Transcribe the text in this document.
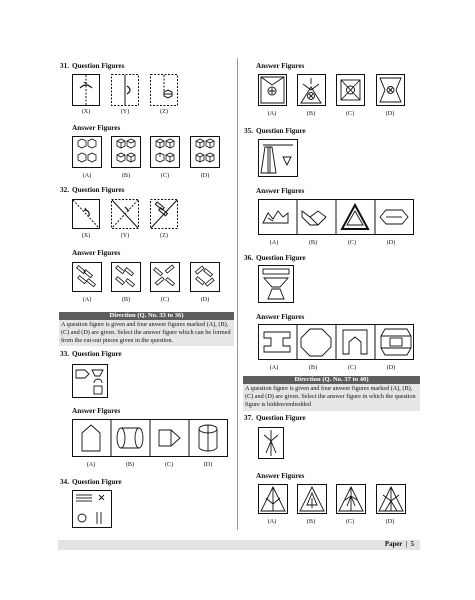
31. Question Figures
(X)	(Y)	(Z)
Answer Figures
(A)	(B)	(C)	(D)
32. Question Figures
(X)	(Y)	(Z)
Answer Figures
(A)	(B)	(C)	(D)
Direction (Q. No. 33 to 36)
A question figure is given and four answer figures marked (A), (B), (C) and (D) are given. Select the answer figure which can be formed from the cut-out pieces given in the question.
33. Question Figure
Answer Figures
(A)	(B)	(C)	(D)
34. Question Figure
Answer Figures
(A)	(B)	(C)	(D)
35. Question Figure
Answer Figures
(A)	(B)	(C)	(D)
36. Question Figure
Answer Figures
(A)	(B)	(C)	(D)
Direction (Q. No. 37 to 40)
A question figure is given and four answer figures marked (A), (B), (C) and (D) are given. Select the answer figure in which the question figure is hidden/embedded
37. Question Figure
Answer Figures
(A)	(B)	(C)	(D)
Paper  |  5
